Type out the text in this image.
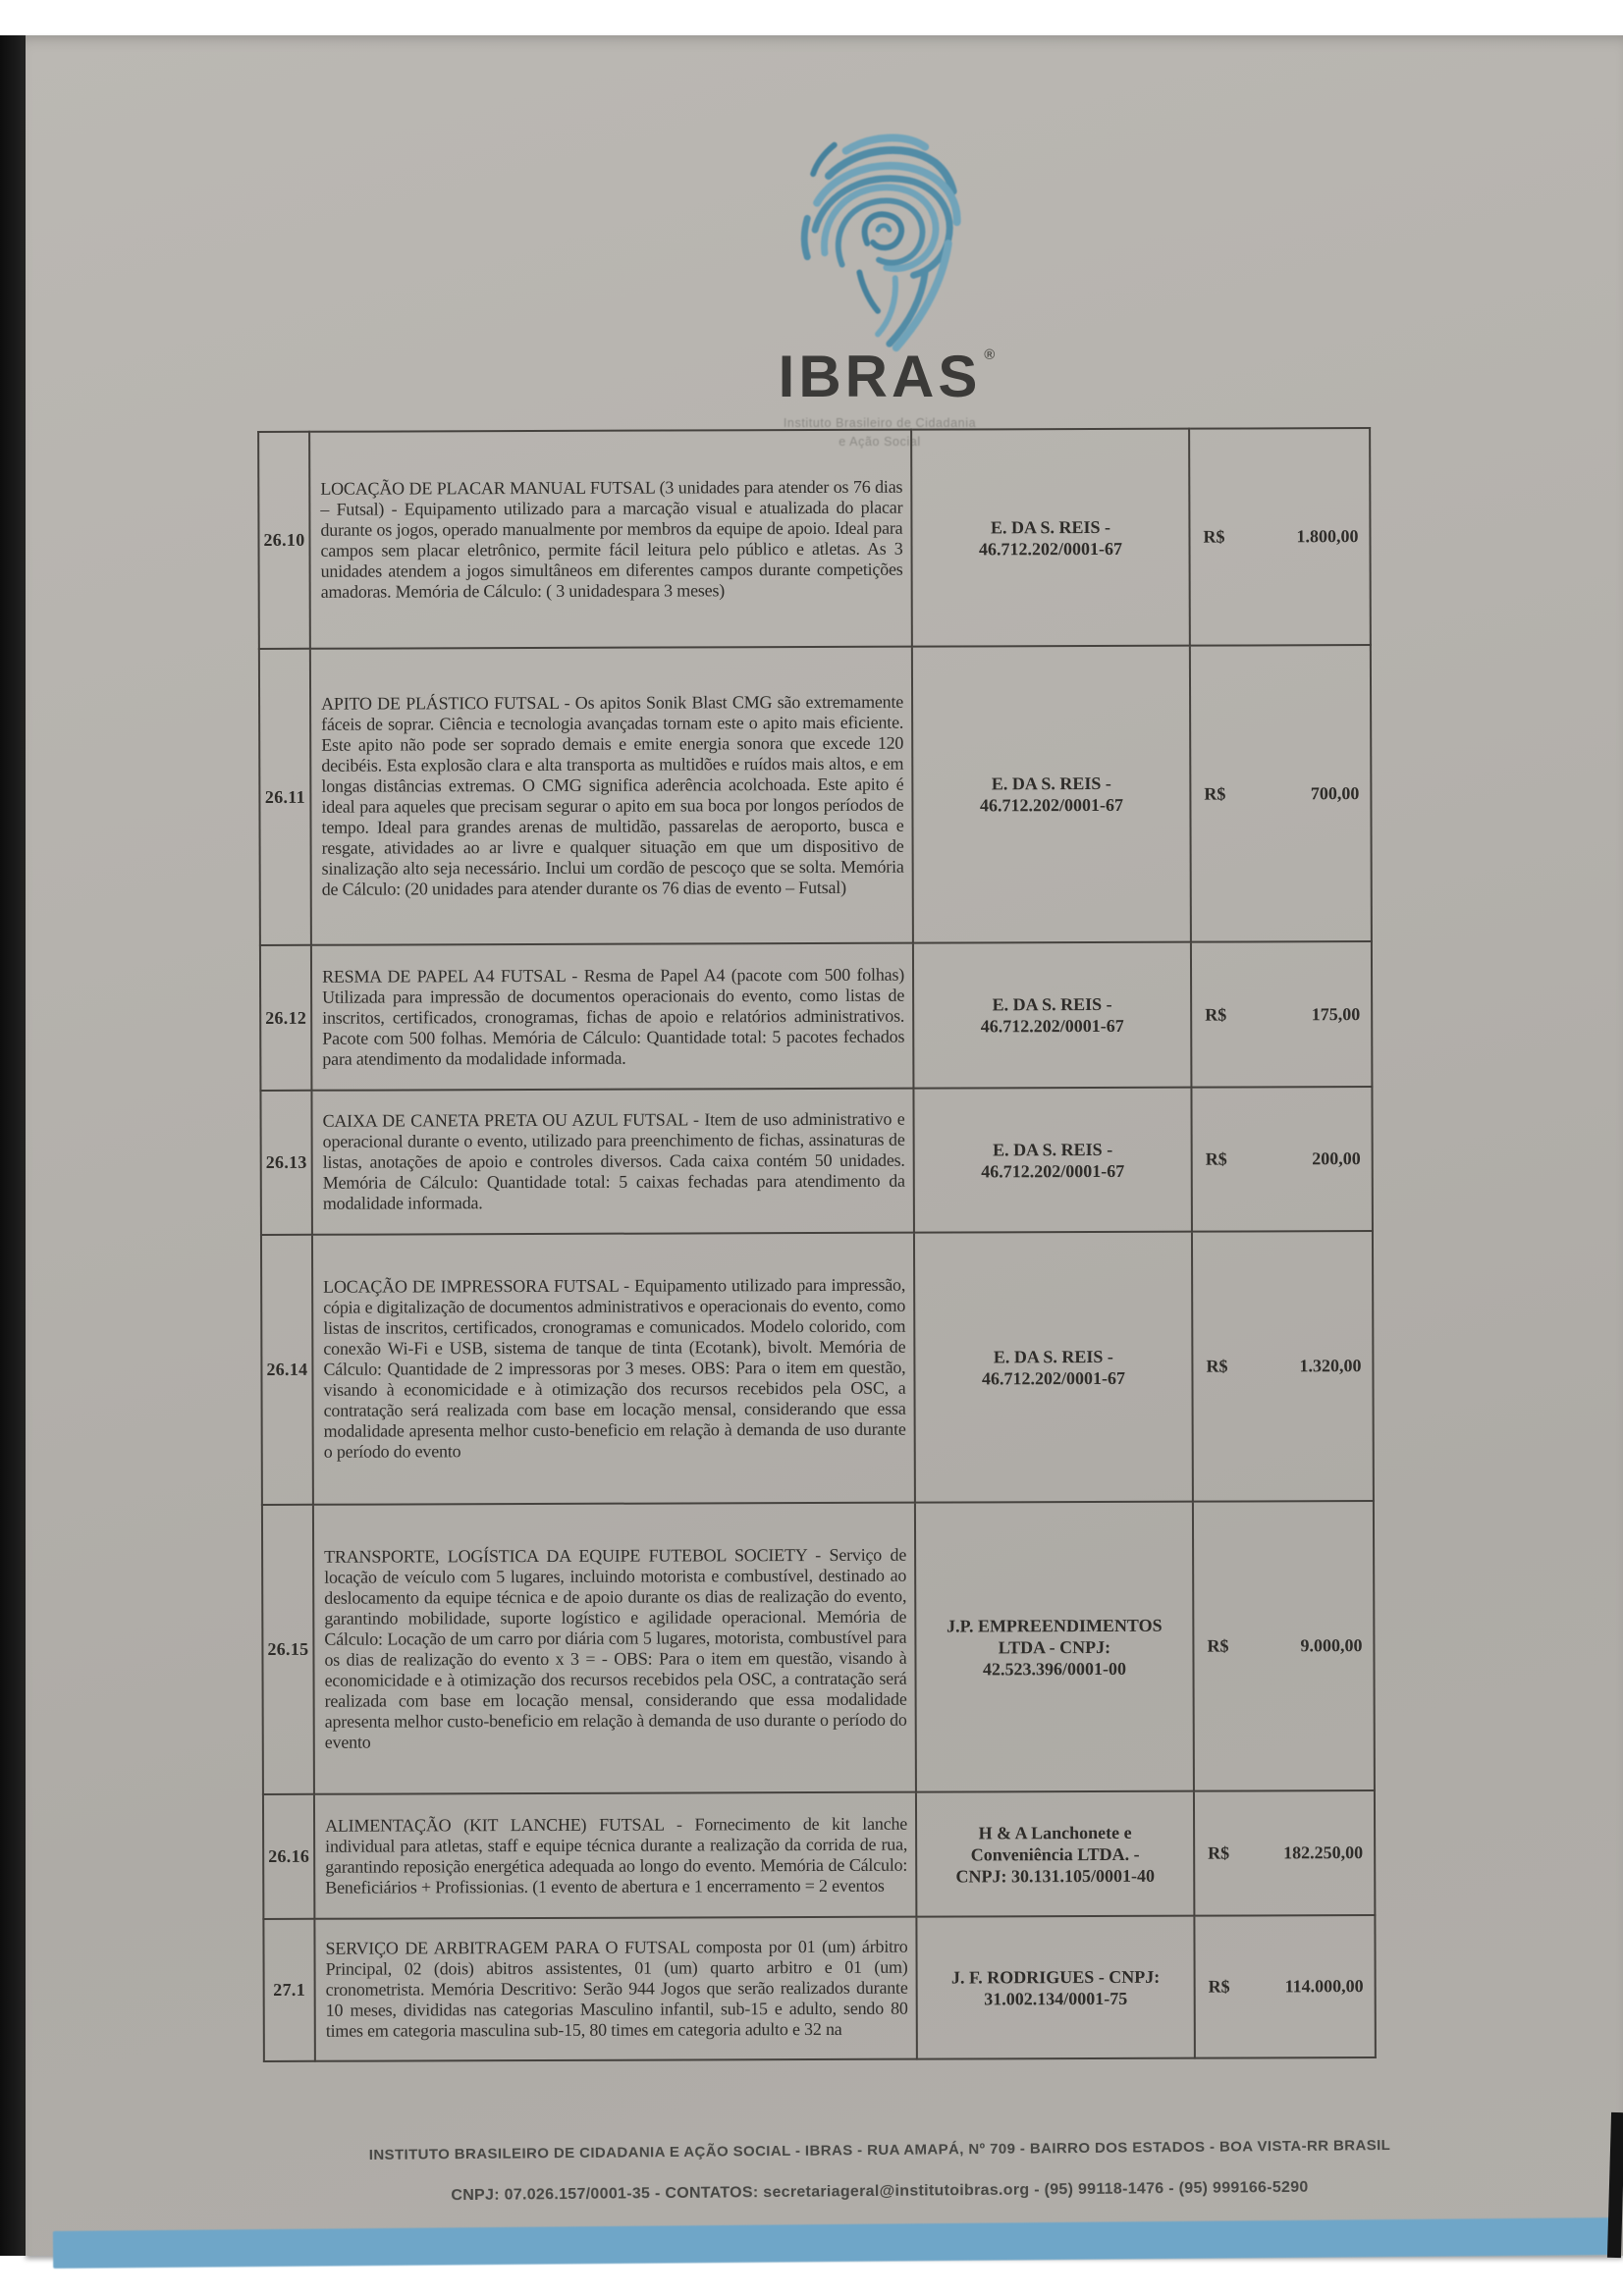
IBRAS ®
Instituto Brasileiro de Cidadania
e Ação Social
26.10	LOCAÇÃO DE PLACAR MANUAL FUTSAL (3 unidades para atender os 76 dias – Futsal) - Equipamento utilizado para a marcação visual e atualizada do placar durante os jogos, operado manualmente por membros da equipe de apoio. Ideal para campos sem placar eletrônico, permite fácil leitura pelo público e atletas. As 3 unidades atendem a jogos simultâneos em diferentes campos durante competições amadoras. Memória de Cálculo: ( 3 unidadespara 3 meses)	
E. DA S. REIS -
46.712.202/0001-67

R$	1.800,00

26.11	APITO DE PLÁSTICO FUTSAL - Os apitos Sonik Blast CMG são extremamente fáceis de soprar. Ciência e tecnologia avançadas tornam este o apito mais eficiente. Este apito não pode ser soprado demais e emite energia sonora que excede 120 decibéis. Esta explosão clara e alta transporta as multidões e ruídos mais altos, e em longas distâncias extremas. O CMG significa aderência acolchoada. Este apito é ideal para aqueles que precisam segurar o apito em sua boca por longos períodos de tempo. Ideal para grandes arenas de multidão, passarelas de aeroporto, busca e resgate, atividades ao ar livre e qualquer situação em que um dispositivo de sinalização alto seja necessário. Inclui um cordão de pescoço que se solta. Memória de Cálculo: (20 unidades para atender durante os 76 dias de evento – Futsal)	
E. DA S. REIS -
46.712.202/0001-67

R$	700,00

26.12	RESMA DE PAPEL A4 FUTSAL - Resma de Papel A4 (pacote com 500 folhas) Utilizada para impressão de documentos operacionais do evento, como listas de inscritos, certificados, cronogramas, fichas de apoio e relatórios administrativos. Pacote com 500 folhas. Memória de Cálculo: Quantidade total: 5 pacotes fechados para atendimento da modalidade informada.	
E. DA S. REIS -
46.712.202/0001-67

R$	175,00

26.13	CAIXA DE CANETA PRETA OU AZUL FUTSAL - Item de uso administrativo e operacional durante o evento, utilizado para preenchimento de fichas, assinaturas de listas, anotações de apoio e controles diversos. Cada caixa contém 50 unidades. Memória de Cálculo: Quantidade total: 5 caixas fechadas para atendimento da modalidade informada.	
E. DA S. REIS -
46.712.202/0001-67

R$	200,00

26.14	LOCAÇÃO DE IMPRESSORA FUTSAL - Equipamento utilizado para impressão, cópia e digitalização de documentos administrativos e operacionais do evento, como listas de inscritos, certificados, cronogramas e comunicados. Modelo colorido, com conexão Wi-Fi e USB, sistema de tanque de tinta (Ecotank), bivolt. Memória de Cálculo: Quantidade de 2 impressoras por 3 meses. OBS: Para o item em questão, visando à economicidade e à otimização dos recursos recebidos pela OSC, a contratação será realizada com base em locação mensal, considerando que essa modalidade apresenta melhor custo-beneficio em relação à demanda de uso durante o período do evento	
E. DA S. REIS -
46.712.202/0001-67

R$	1.320,00

26.15	TRANSPORTE, LOGÍSTICA DA EQUIPE FUTEBOL SOCIETY - Serviço de locação de veículo com 5 lugares, incluindo motorista e combustível, destinado ao deslocamento da equipe técnica e de apoio durante os dias de realização do evento, garantindo mobilidade, suporte logístico e agilidade operacional. Memória de Cálculo: Locação de um carro por diária com 5 lugares, motorista, combustível para os dias de realização do evento x 3 = - OBS: Para o item em questão, visando à economicidade e à otimização dos recursos recebidos pela OSC, a contratação será realizada com base em locação mensal, considerando que essa modalidade apresenta melhor custo-beneficio em relação à demanda de uso durante o período do evento	
J.P. EMPREENDIMENTOS
LTDA - CNPJ:
42.523.396/0001-00

R$	9.000,00

26.16	ALIMENTAÇÃO (KIT LANCHE) FUTSAL - Fornecimento de kit lanche individual para atletas, staff e equipe técnica durante a realização da corrida de rua, garantindo reposição energética adequada ao longo do evento. Memória de Cálculo: Beneficiários + Profissionias. (1 evento de abertura e 1 encerramento = 2 eventos	
H & A Lanchonete e
Conveniência LTDA. -
CNPJ: 30.131.105/0001-40

R$	182.250,00

27.1	SERVIÇO DE ARBITRAGEM PARA O FUTSAL composta por 01 (um) árbitro Principal, 02 (dois) abitros assistentes, 01 (um) quarto arbitro e 01 (um) cronometrista. Memória Descritivo: Serão 944 Jogos que serão realizados durante 10 meses, divididas nas categorias Masculino infantil, sub-15 e adulto, sendo 80 times em categoria masculina sub-15, 80 times em categoria adulto e 32 na	
J. F. RODRIGUES - CNPJ:
31.002.134/0001-75

R$	114.000,00
INSTITUTO BRASILEIRO DE CIDADANIA E AÇÃO SOCIAL - IBRAS - RUA AMAPÁ, Nº 709 - BAIRRO DOS ESTADOS - BOA VISTA-RR BRASIL
CNPJ: 07.026.157/0001-35 - CONTATOS: secretariageral@institutoibras.org - (95) 99118-1476 - (95) 999166-5290
